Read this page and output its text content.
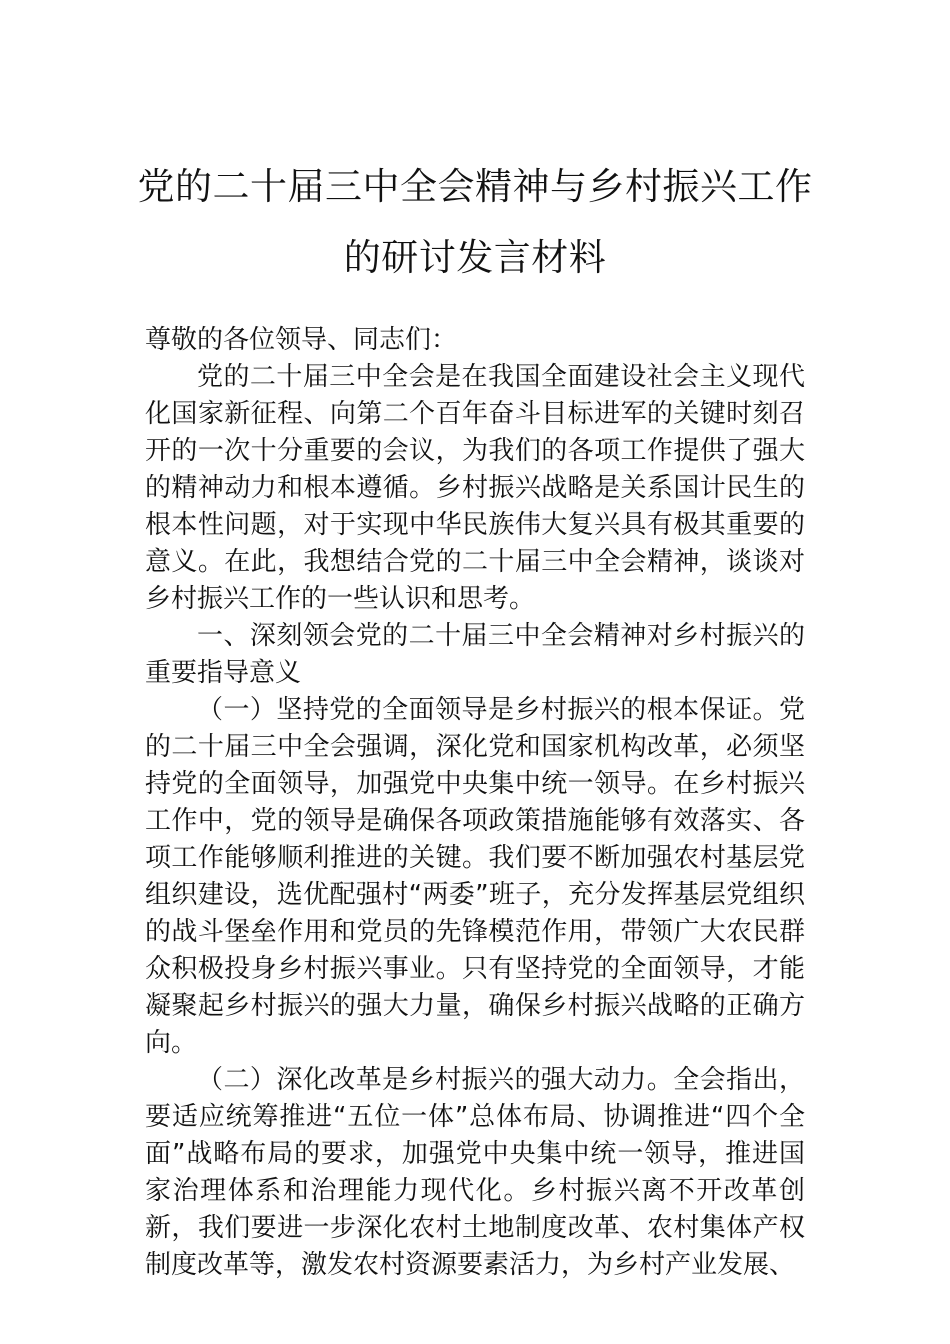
党的二十届三中全会精神与乡村振兴工作
的研讨发言材料

尊敬的各位领导、同志们：

党的二十届三中全会是在我国全面建设社会主义现代化国家新征程、向第二个百年奋斗目标进军的关键时刻召开的一次十分重要的会议，为我们的各项工作提供了强大的精神动力和根本遵循。乡村振兴战略是关系国计民生的根本性问题，对于实现中华民族伟大复兴具有极其重要的意义。在此，我想结合党的二十届三中全会精神，谈谈对乡村振兴工作的一些认识和思考。

一、深刻领会党的二十届三中全会精神对乡村振兴的重要指导意义

（一）坚持党的全面领导是乡村振兴的根本保证。党的二十届三中全会强调，深化党和国家机构改革，必须坚持党的全面领导，加强党中央集中统一领导。在乡村振兴工作中，党的领导是确保各项政策措施能够有效落实、各项工作能够顺利推进的关键。我们要不断加强农村基层党组织建设，选优配强村“两委”班子，充分发挥基层党组织的战斗堡垒作用和党员的先锋模范作用，带领广大农民群众积极投身乡村振兴事业。只有坚持党的全面领导，才能凝聚起乡村振兴的强大力量，确保乡村振兴战略的正确方向。

（二）深化改革是乡村振兴的强大动力。全会指出，要适应统筹推进“五位一体”总体布局、协调推进“四个全面”战略布局的要求，加强党中央集中统一领导，推进国家治理体系和治理能力现代化。乡村振兴离不开改革创新，我们要进一步深化农村土地制度改革、农村集体产权制度改革等，激发农村资源要素活力，为乡村产业发展、
